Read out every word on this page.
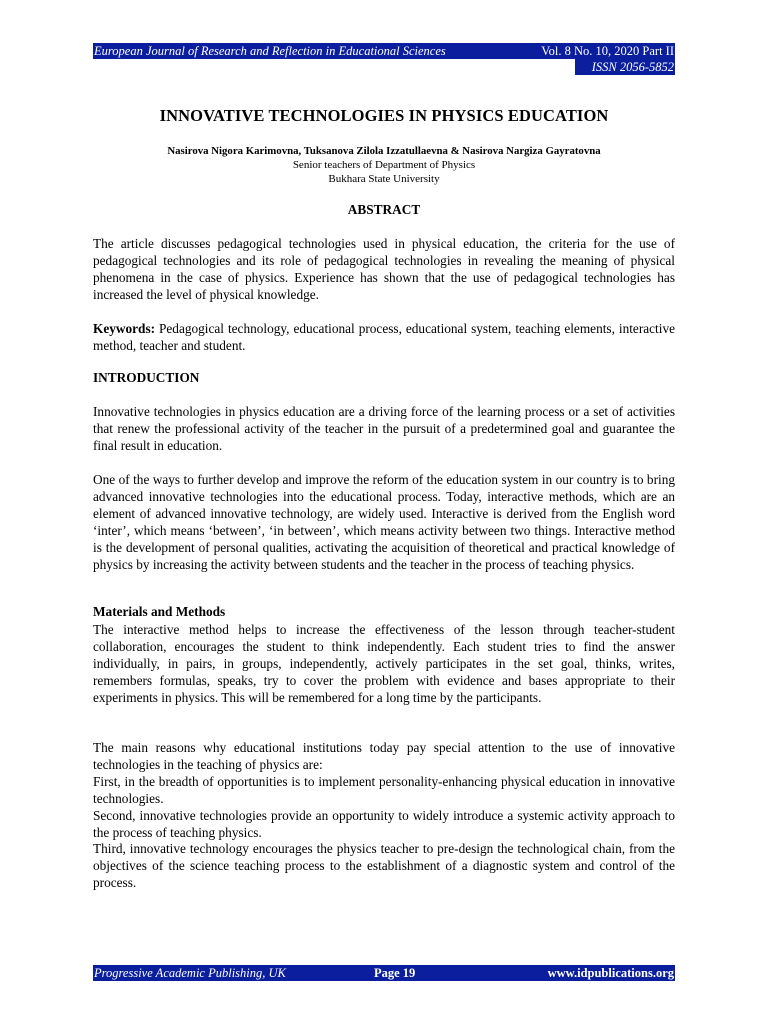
European Journal of Research and Reflection in Educational Sciences	Vol. 8 No. 10, 2020 Part II
ISSN 2056-5852
INNOVATIVE TECHNOLOGIES IN PHYSICS EDUCATION
Nasirova Nigora Karimovna, Tuksanova Zilola Izzatullaevna & Nasirova Nargiza Gayratovna
Senior teachers of Department of Physics
Bukhara State University
ABSTRACT

The article discusses pedagogical technologies used in physical education, the criteria for the use of pedagogical technologies and its role of pedagogical technologies in revealing the meaning of physical phenomena in the case of physics. Experience has shown that the use of pedagogical technologies has increased the level of physical knowledge.

Keywords: Pedagogical technology, educational process, educational system, teaching elements, interactive method, teacher and student.

INTRODUCTION

Innovative technologies in physics education are a driving force of the learning process or a set of activities that renew the professional activity of the teacher in the pursuit of a predetermined goal and guarantee the final result in education.

One of the ways to further develop and improve the reform of the education system in our country is to bring advanced innovative technologies into the educational process. Today, interactive methods, which are an element of advanced innovative technology, are widely used. Interactive is derived from the English word ‘inter’, which means ‘between’, ‘in between’, which means activity between two things. Interactive method is the development of personal qualities, activating the acquisition of theoretical and practical knowledge of physics by increasing the activity between students and the teacher in the process of teaching physics.

Materials and Methods

The interactive method helps to increase the effectiveness of the lesson through teacher-student collaboration, encourages the student to think independently. Each student tries to find the answer individually, in pairs, in groups, independently, actively participates in the set goal, thinks, writes, remembers formulas, speaks, try to cover the problem with evidence and bases appropriate to their experiments in physics. This will be remembered for a long time by the participants.

The main reasons why educational institutions today pay special attention to the use of innovative technologies in the teaching of physics are:

First, in the breadth of opportunities is to implement personality-enhancing physical education in innovative technologies.

Second, innovative technologies provide an opportunity to widely introduce a systemic activity approach to the process of teaching physics.

Third, innovative technology encourages the physics teacher to pre-design the technological chain, from the objectives of the science teaching process to the establishment of a diagnostic system and control of the process.

Progressive Academic Publishing, UK	Page 19	www.idpublications.org
